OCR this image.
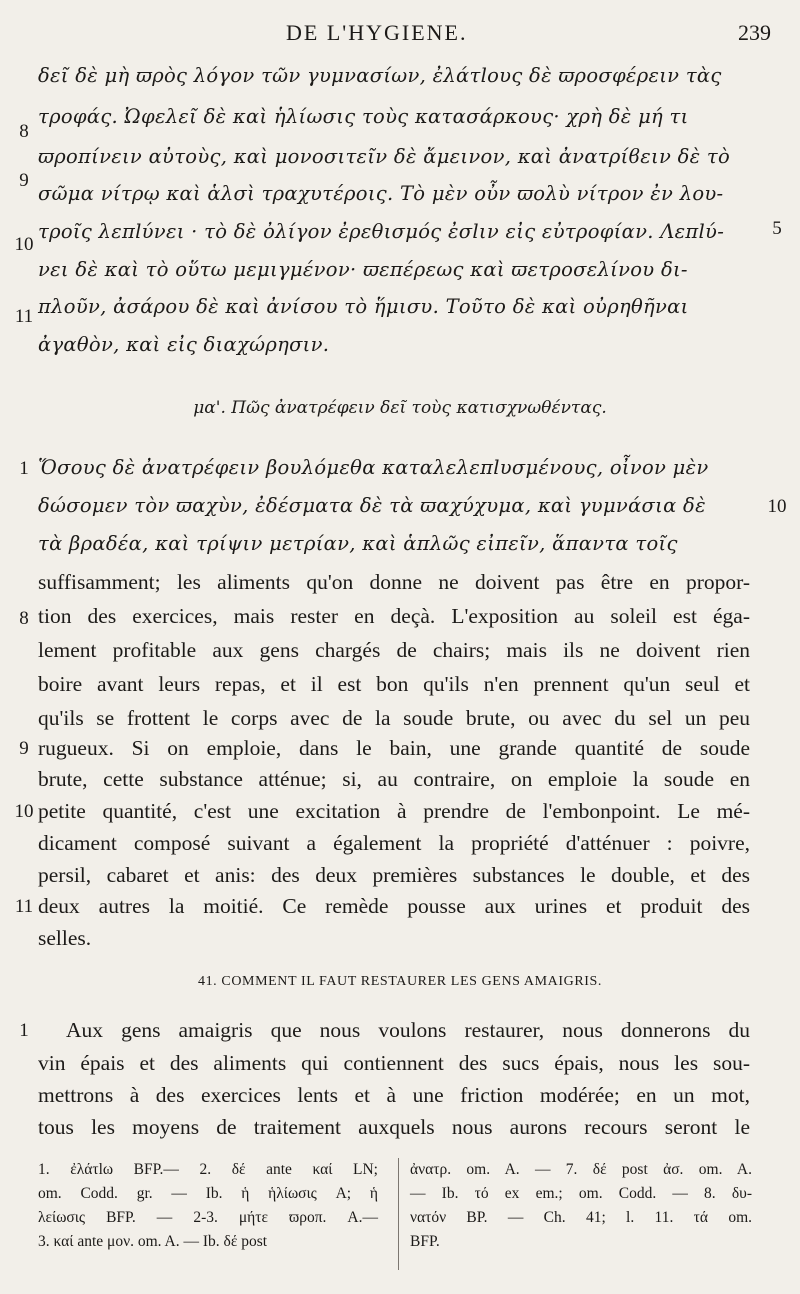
DE L'HYGIENE.	239
δεῖ δὲ μὴ ϖρὸς λόγον τῶν γυμνασίων, ἐλάτlους δὲ ϖροσφέρειν τὰς
8
τροφάς. Ὠφελεῖ δὲ καὶ ἡλίωσις τοὺς κατασάρκους· χρὴ δὲ μή τι
ϖροπίνειν αὐτοὺς, καὶ μονοσιτεῖν δὲ ἄμεινον, καὶ ἀνατρίϐειν δὲ τὸ
9
σῶμα νίτρῳ καὶ ἁλσὶ τραχυτέροις. Τὸ μὲν οὖν ϖολὺ νίτρον ἐν λου-
10
5
τροῖς λεπlύνει · τὸ δὲ ὀλίγον ἐρεθισμός ἐσlιν εἰς εὐτροφίαν. Λεπlύ-
νει δὲ καὶ τὸ οὕτω μεμιγμένον· ϖεπέρεως καὶ ϖετροσελίνου δι-
11 πλοῦν, ἀσάρου δὲ καὶ ἀνίσου τὸ ἥμισυ. Τοῦτο δὲ καὶ οὐρηθῆναι
ἀγαθὸν, καὶ εἰς διαχώρησιν.
μα'. Πῶς ἀνατρέφειν δεῖ τοὺς κατισχνωθέντας.
1 Ὅσους δὲ ἀνατρέφειν βουλόμεθα καταλελεπlυσμένους, οἶνον μὲν
10
δώσομεν τὸν ϖαχὺν, ἐδέσματα δὲ τὰ ϖαχύχυμα, καὶ γυμνάσια δὲ
τὰ βραδέα, καὶ τρίψιν μετρίαν, καὶ ἁπλῶς εἰπεῖν, ἅπαντα τοῖς
suffisamment; les aliments qu'on donne ne doivent pas être en propor-
8 tion des exercices, mais rester en deçà. L'exposition au soleil est éga-
lement profitable aux gens chargés de chairs; mais ils ne doivent rien
boire avant leurs repas, et il est bon qu'ils n'en prennent qu'un seul et
qu'ils se frottent le corps avec de la soude brute, ou avec du sel un peu
9 rugueux. Si on emploie, dans le bain, une grande quantité de soude
brute, cette substance atténue; si, au contraire, on emploie la soude en
10 petite quantité, c'est une excitation à prendre de l'embonpoint. Le mé-
dicament composé suivant a également la propriété d'atténuer : poivre,
persil, cabaret et anis: des deux premières substances le double, et des
11 deux autres la moitié. Ce remède pousse aux urines et produit des
selles.
41. COMMENT IL FAUT RESTAURER LES GENS AMAIGRIS.
1	Aux gens amaigris que nous voulons restaurer, nous donnerons du
vin épais et des aliments qui contiennent des sucs épais, nous les sou-
mettrons à des exercices lents et à une friction modérée; en un mot,
tous les moyens de traitement auxquels nous aurons recours seront le
1. ἐλάτlω BFP.— 2. δέ ante καί LN;
om. Codd. gr. — Ib. ἡ ἡλίωσις A; ἡ
λείωσις BFP. — 2-3. μήτε ϖροπ. A.—
3. καί ante μον. om. A. — Ib. δέ post
ἀνατρ. om. A. — 7. δέ post ἀσ. om. A.
— Ib. τό ex em.; om. Codd. — 8. δυ-
νατόν BP. — Ch. 41; l. 11. τά om.
BFP.
